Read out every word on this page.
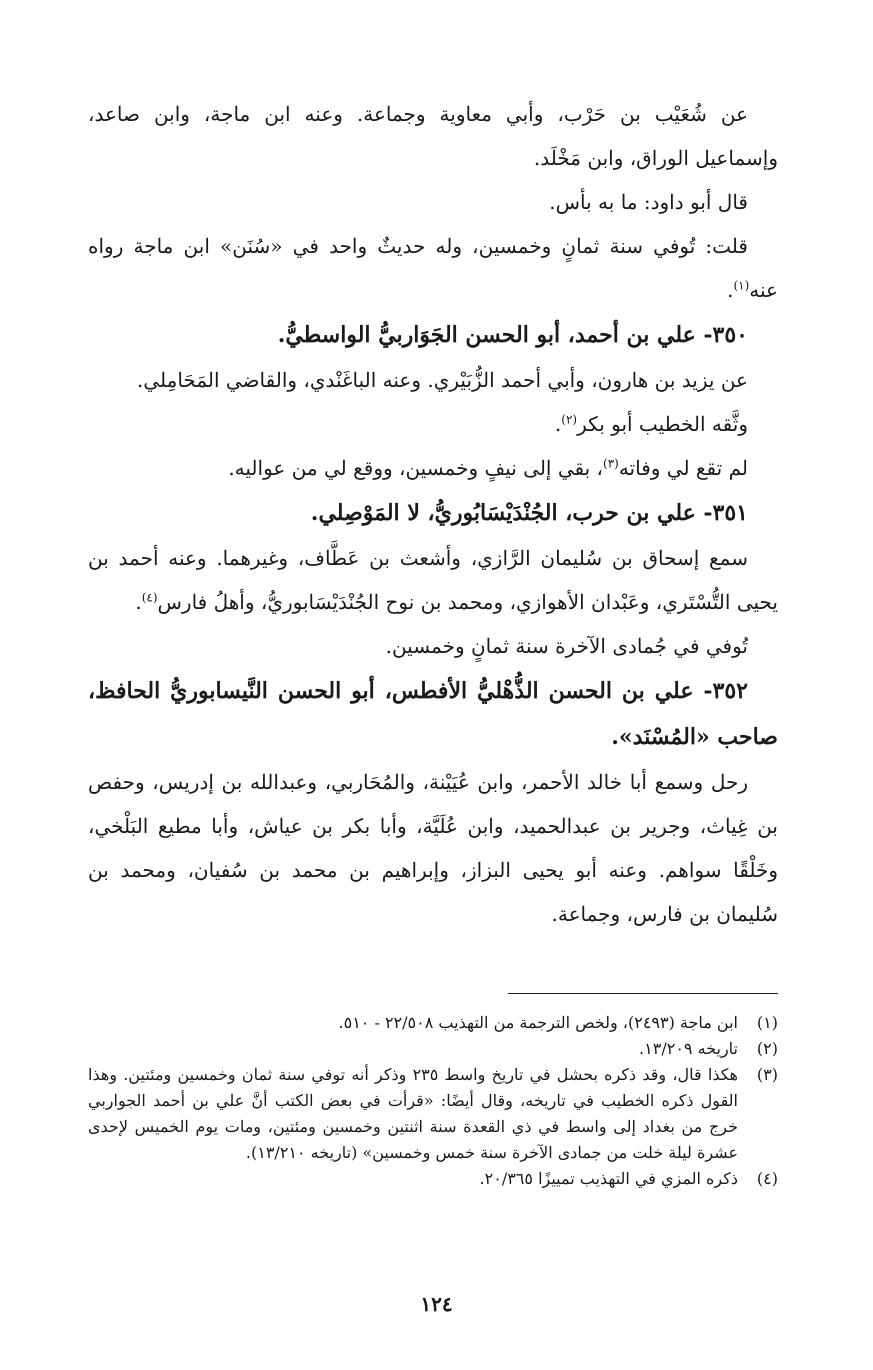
عن شُعَيْب بن حَرْب، وأبي معاوية وجماعة. وعنه ابن ماجة، وابن صاعد، وإسماعيل الوراق، وابن مَخْلَد.

قال أبو داود: ما به بأس.

قلت: تُوفي سنة ثمانٍ وخمسين، وله حديثٌ واحد في «سُنَن» ابن ماجة رواه عنه$^{(١)}$.

٣٥٠- علي بن أحمد، أبو الحسن الجَوَاربيُّ الواسطيُّ.

عن يزيد بن هارون، وأبي أحمد الزُّبَيْري. وعنه الباغَنْدي، والقاضي المَحَامِلي.

وثَّقه الخطيب أبو بكر$^{(٢)}$.

لم تقع لي وفاته$^{(٣)}$، بقي إلى نيفٍ وخمسين، ووقع لي من عواليه.

٣٥١- علي بن حرب، الجُنْدَيْسَابُوريُّ، لا المَوْصِلي.

سمع إسحاق بن سُليمان الرَّازي، وأشعث بن عَطَّاف، وغيرهما. وعنه أحمد بن يحيى التُّسْتَري، وعَبْدان الأهوازي، ومحمد بن نوح الجُنْدَيْسَابوريُّ، وأهلُ فارس$^{(٤)}$.

تُوفي في جُمادى الآخرة سنة ثمانٍ وخمسين.

٣٥٢- علي بن الحسن الذُّهْليُّ الأفطس، أبو الحسن النَّيسابوريُّ الحافظ، صاحب «المُسْنَد».

رحل وسمع أبا خالد الأحمر، وابن عُيَيْنة، والمُحَاربي، وعبدالله بن إدريس، وحفص بن غِياث، وجرير بن عبدالحميد، وابن عُلَيَّة، وأبا بكر بن عياش، وأبا مطيع البَلْخي، وخَلْقًا سواهم. وعنه أبو يحيى البزاز، وإبراهيم بن محمد بن سُفيان، ومحمد بن سُليمان بن فارس، وجماعة.

(١)
ابن ماجة (٢٤٩٣)، ولخص الترجمة من التهذيب ٢٢/٥٠٨ - ٥١٠.
(٢)
تاريخه ١٣/٢٠٩.
(٣)
هكذا قال، وقد ذكره بحشل في تاريخ واسط ٢٣٥ وذكر أنه توفي سنة ثمان وخمسين ومئتين. وهذا القول ذكره الخطيب في تاريخه، وقال أيضًا: «قرأت في بعض الكتب أنَّ علي بن أحمد الجواربي خرج من بغداد إلى واسط في ذي القعدة سنة اثنتين وخمسين ومئتين، ومات يوم الخميس لإحدى عشرة ليلة خلت من جمادى الآخرة سنة خمس وخمسين» (تاريخه ١٣/٢١٠).
(٤)
ذكره المزي في التهذيب تمييزًا ٢٠/٣٦٥.
١٢٤
